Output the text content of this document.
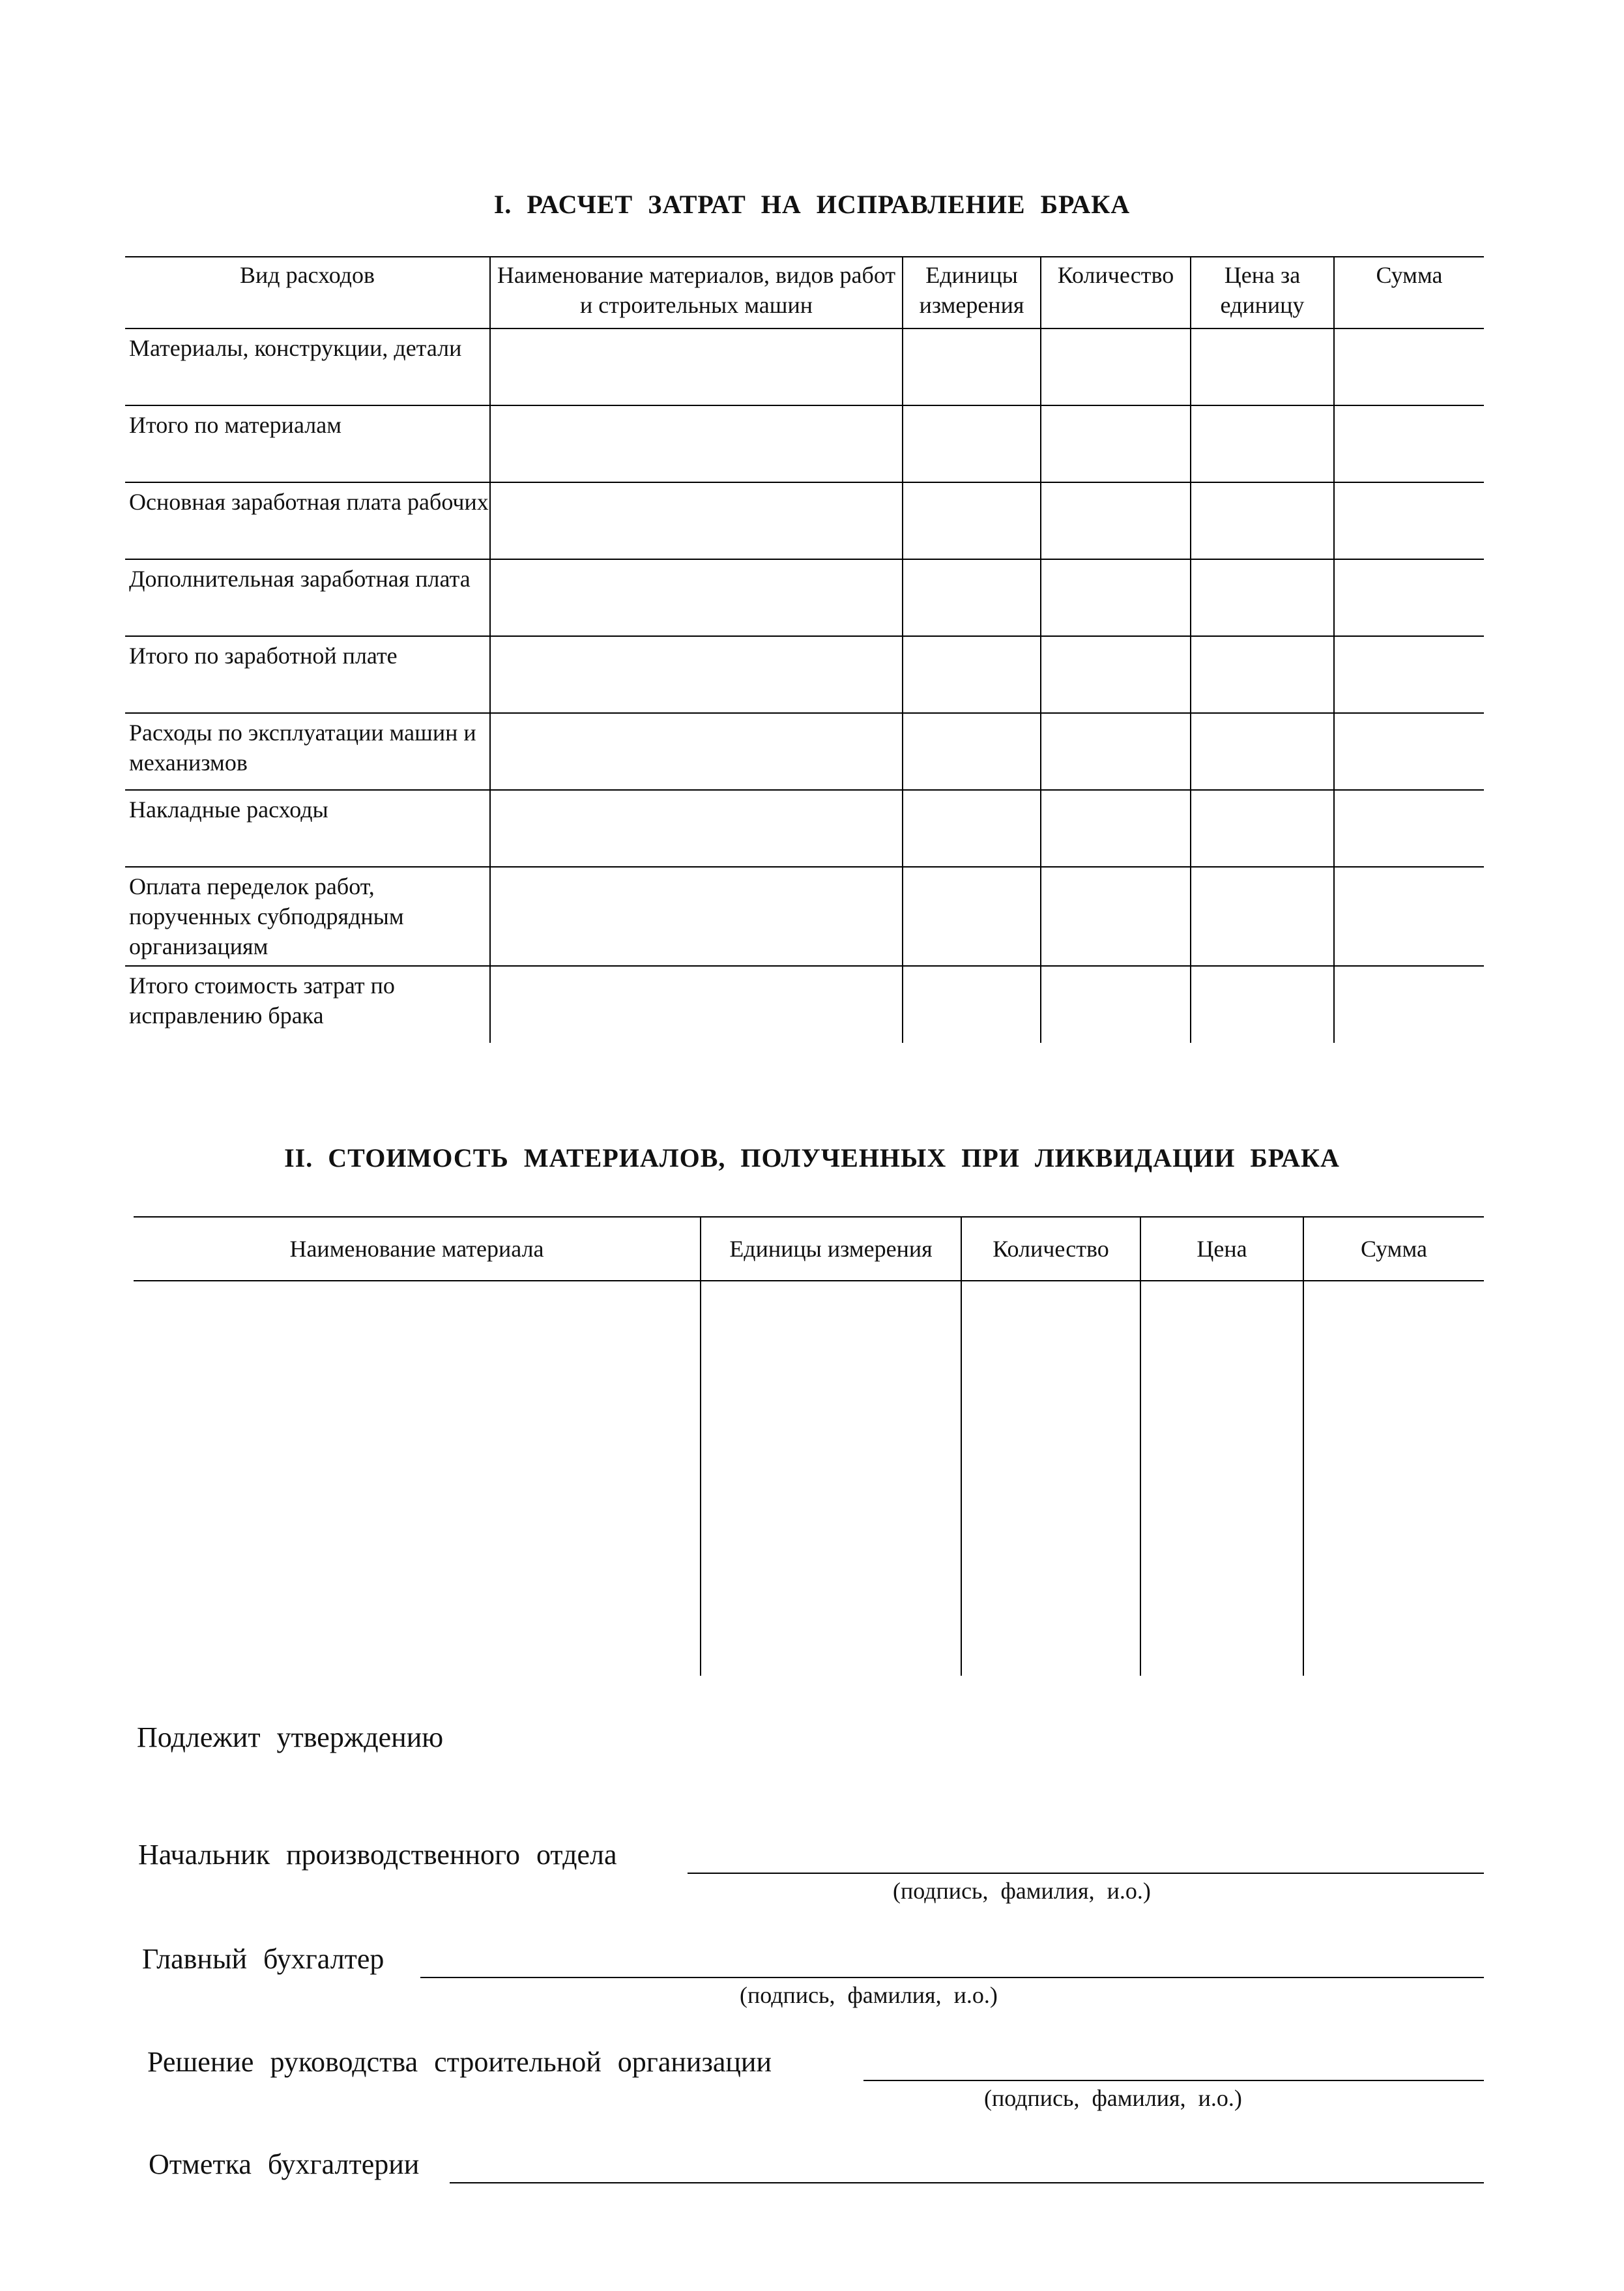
I. РАСЧЕТ ЗАТРАТ НА ИСПРАВЛЕНИЕ БРАКА
Вид расходов	Наименование материалов, видов работ и строительных машин	Единицы измерения	Количество	Цена за единицу	Сумма
Материалы, конструкции, детали					
Итого по материалам					
Основная заработная плата рабочих					
Дополнительная заработная плата					
Итого по заработной плате					
Расходы по эксплуатации машин и механизмов					
Накладные расходы					
Оплата переделок работ, порученных субподрядным организациям					
Итого стоимость затрат по исправлению брака					
II. СТОИМОСТЬ МАТЕРИАЛОВ, ПОЛУЧЕННЫХ ПРИ ЛИКВИДАЦИИ БРАКА
Наименование материала	Единицы измерения	Количество	Цена	Сумма

Подлежит утверждению
Начальник производственного отдела
(подпись, фамилия, и.о.)
Главный бухгалтер
(подпись, фамилия, и.о.)
Решение руководства строительной организации
(подпись, фамилия, и.о.)
Отметка бухгалтерии
